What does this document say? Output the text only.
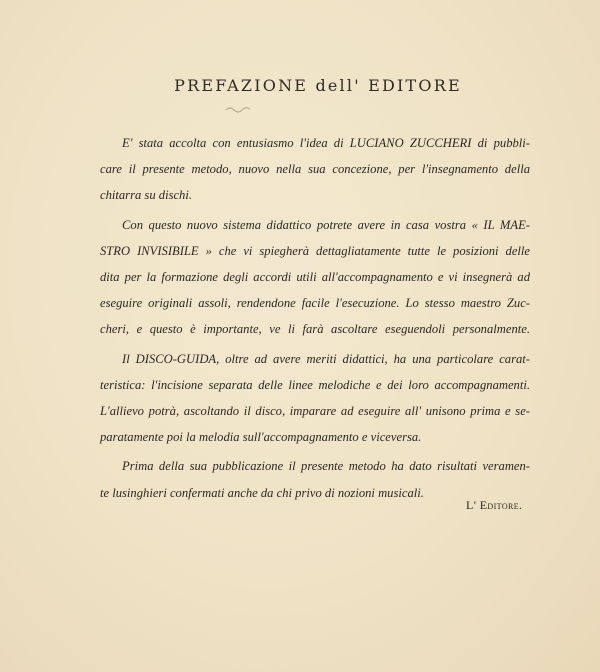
PREFAZIONE dell' EDITORE

E' stata accolta con entusiasmo l'idea di LUCIANO ZUCCHERI di pubbli-
care il presente metodo, nuovo nella sua concezione, per l'insegnamento della
chitarra su dischi.

Con questo nuovo sistema didattico potrete avere in casa vostra « IL MAE-
STRO INVISIBILE » che vi spiegherà dettagliatamente tutte le posizioni delle
dita per la formazione degli accordi utili all'accompagnamento e vi insegnerà ad
eseguire originali assoli, rendendone facile l'esecuzione. Lo stesso maestro Zuc-
cheri, e questo è importante, ve li farà ascoltare eseguendoli personalmente.

Il DISCO-GUIDA, oltre ad avere meriti didattici, ha una particolare carat-
teristica: l'incisione separata delle linee melodiche e dei loro accompagnamenti.
L'allievo potrà, ascoltando il disco, imparare ad eseguire all' unisono prima e se-
paratamente poi la melodia sull'accompagnamento e viceversa.

Prima della sua pubblicazione il presente metodo ha dato risultati veramen-
te lusinghieri confermati anche da chi privo di nozioni musicali.

L' Editore.
